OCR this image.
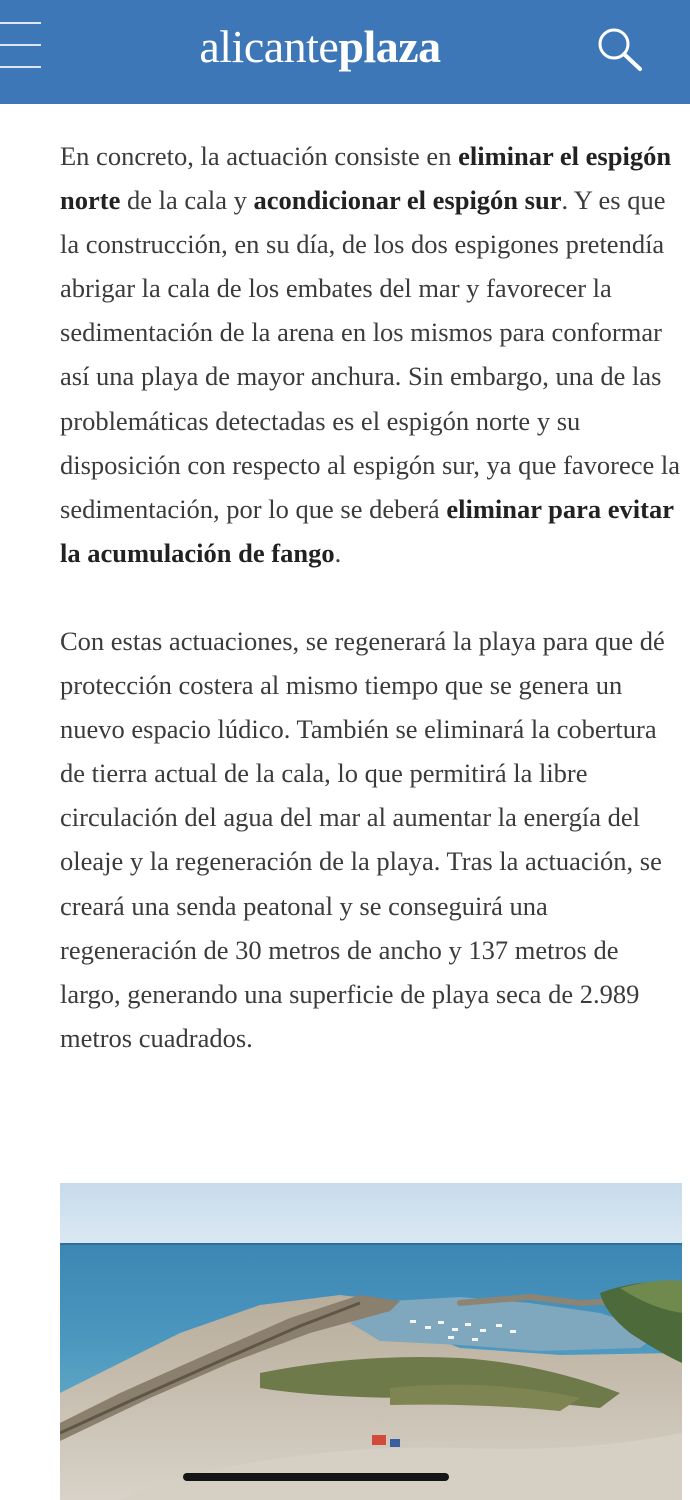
alicanteplaza

En concreto, la actuación consiste en eliminar el espigón norte de la cala y acondicionar el espigón sur. Y es que la construcción, en su día, de los dos espigones pretendía abrigar la cala de los embates del mar y favorecer la sedimentación de la arena en los mismos para conformar así una playa de mayor anchura. Sin embargo, una de las problemáticas detectadas es el espigón norte y su disposición con respecto al espigón sur, ya que favorece la sedimentación, por lo que se deberá eliminar para evitar la acumulación de fango.

Con estas actuaciones, se regenerará la playa para que dé protección costera al mismo tiempo que se genera un nuevo espacio lúdico. También se eliminará la cobertura de tierra actual de la cala, lo que permitirá la libre circulación del agua del mar al aumentar la energía del oleaje y la regeneración de la playa. Tras la actuación, se creará una senda peatonal y se conseguirá una regeneración de 30 metros de ancho y 137 metros de largo, generando una superficie de playa seca de 2.989 metros cuadrados.
